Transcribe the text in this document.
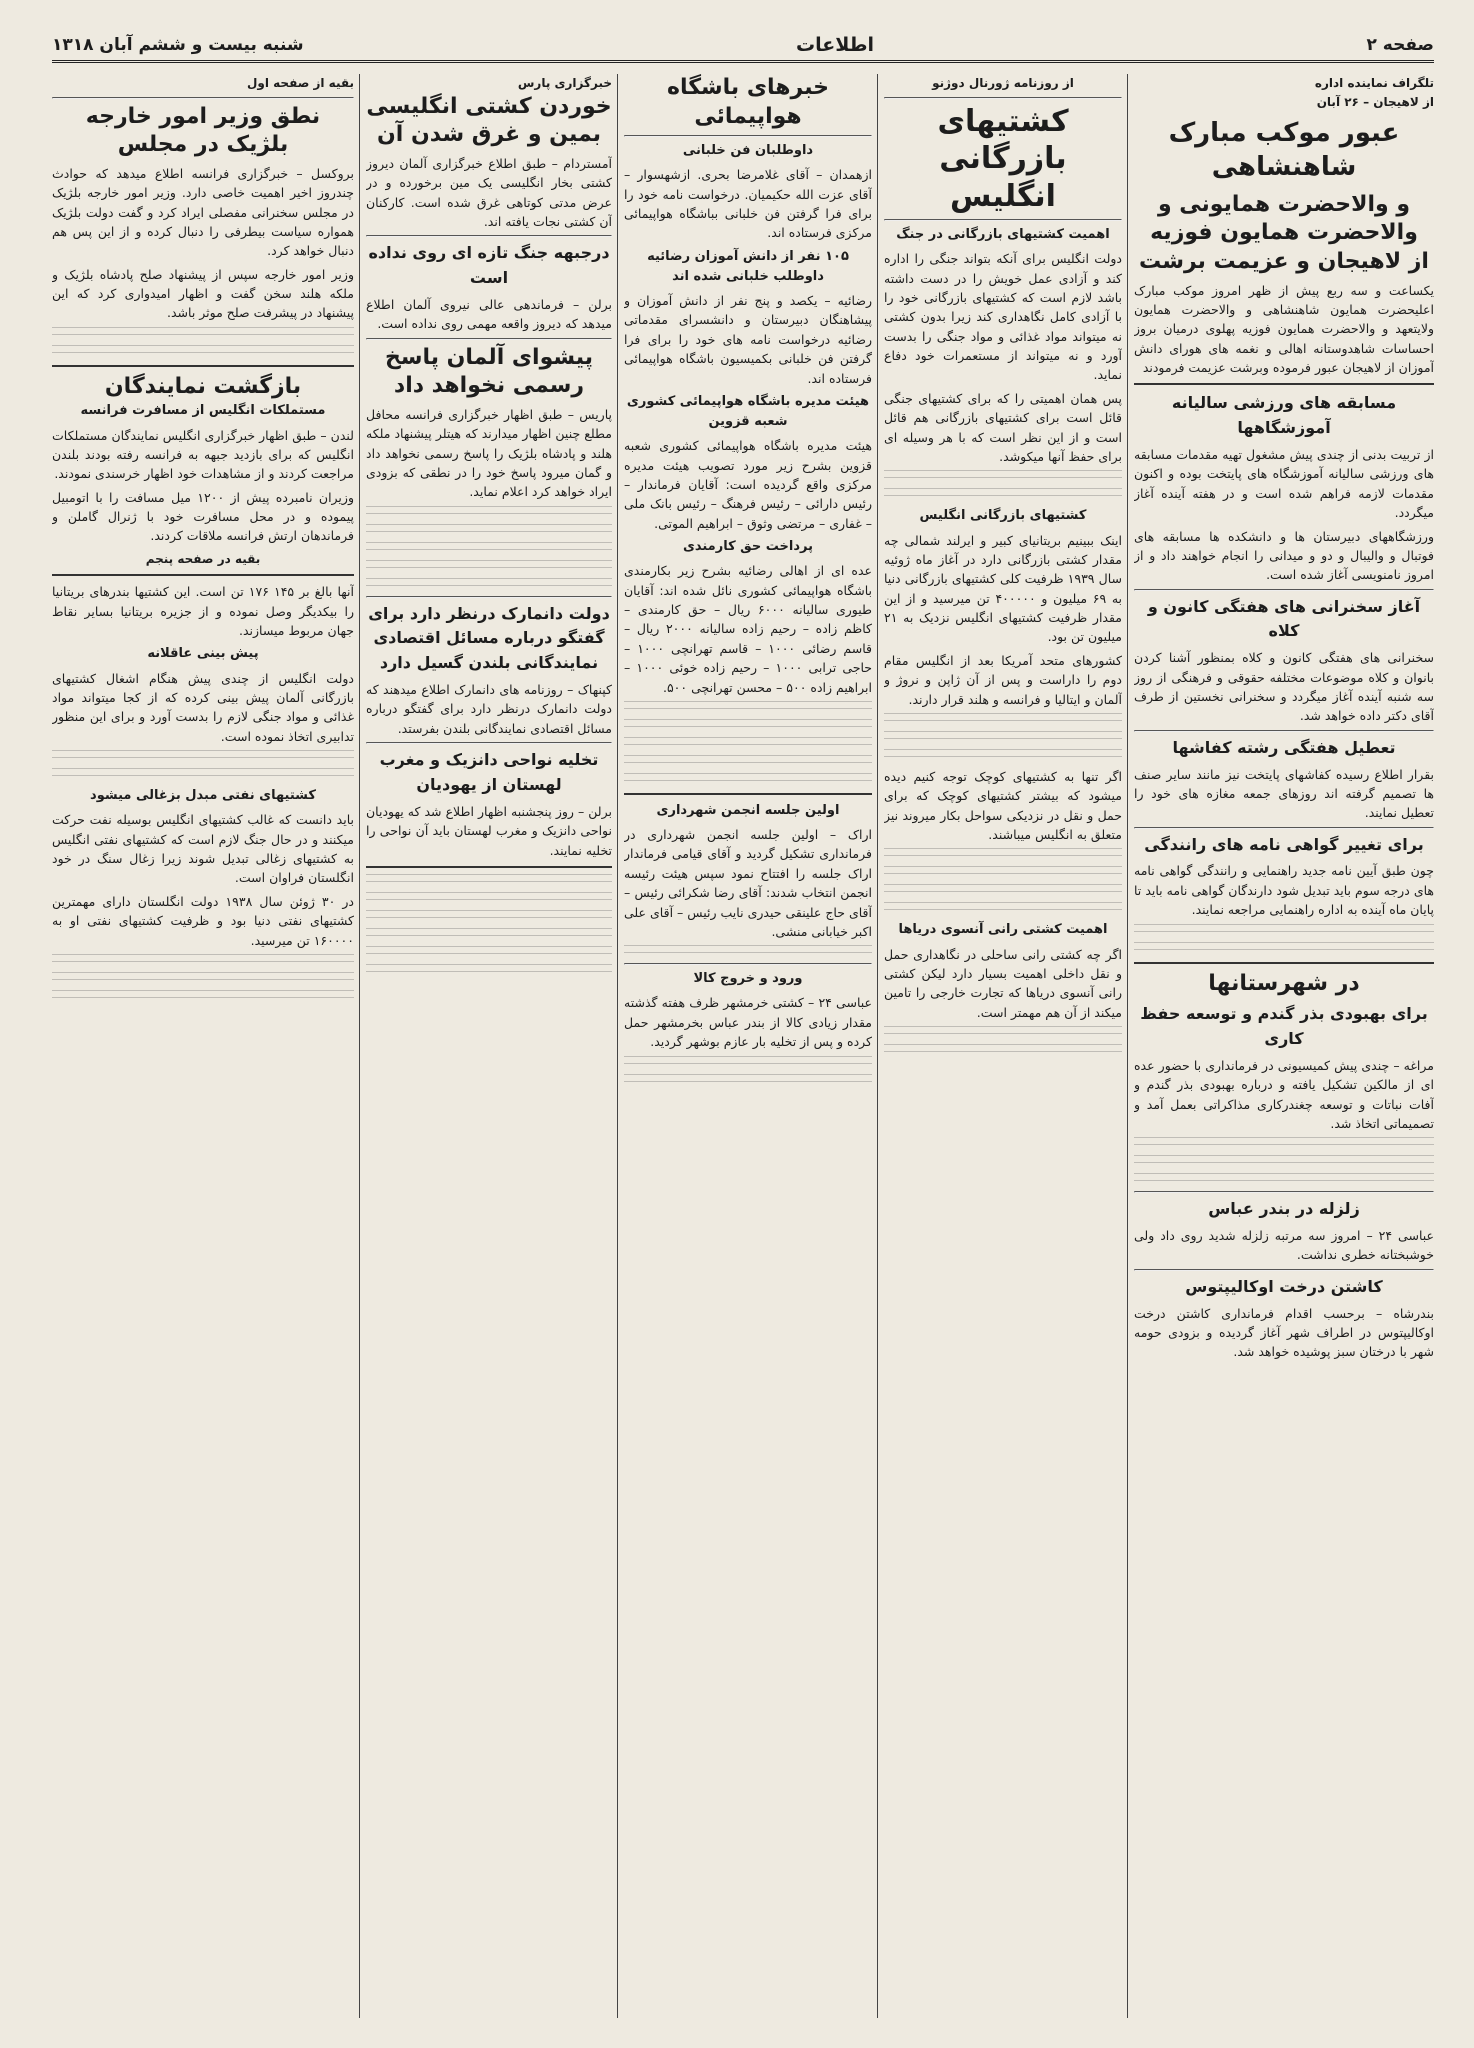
صفحه ۲
اطلاعات
شنبه بیست و ششم آبان ۱۳۱۸
تلگراف نماینده اداره
از لاهیجان – ۲۶ آبان
عبور موکب مبارک شاهنشاهی
و والاحضرت همایونی و والاحضرت همایون فوزیه
از لاهیجان و عزیمت برشت
یکساعت و سه ربع پیش از ظهر امروز موکب مبارک اعلیحضرت همایون شاهنشاهی و والاحضرت همایون ولایتعهد و والاحضرت همایون فوزیه پهلوی درمیان بروز احساسات شاهدوستانه اهالی و نغمه های هورای دانش آموزان از لاهیجان عبور فرموده وبرشت عزیمت فرمودند
مسابقه های ورزشی سالیانه آموزشگاهها
از تربیت بدنی از چندی پیش مشغول تهیه مقدمات مسابقه های ورزشی سالیانه آموزشگاه های پایتخت بوده و اکنون مقدمات لازمه فراهم شده است و در هفته آینده آغاز میگردد.
ورزشگاههای دبیرستان ها و دانشکده ها مسابقه های فوتبال و والیبال و دو و میدانی را انجام خواهند داد و از امروز نامنویسی آغاز شده است.
آغاز سخنرانی های هفتگی کانون و کلاه
سخنرانی های هفتگی کانون و کلاه بمنظور آشنا کردن بانوان و کلاه موضوعات مختلفه حقوقی و فرهنگی از روز سه شنبه آینده آغاز میگردد و سخنرانی نخستین از طرف آقای دکتر داده خواهد شد.
تعطیل هفتگی رشته کفاشها
بقرار اطلاع رسیده کفاشهای پایتخت نیز مانند سایر صنف ها تصمیم گرفته اند روزهای جمعه مغازه های خود را تعطیل نمایند.
برای تغییر گواهی نامه های رانندگی
چون طبق آیین نامه جدید راهنمایی و رانندگی گواهی نامه های درجه سوم باید تبدیل شود دارندگان گواهی نامه باید تا پایان ماه آینده به اداره راهنمایی مراجعه نمایند.
در شهرستانها
برای بهبودی بذر گندم و توسعه حفظ کاری
مراغه – چندی پیش کمیسیونی در فرمانداری با حضور عده ای از مالکین تشکیل یافته و درباره بهبودی بذر گندم و آفات نباتات و توسعه چغندرکاری مذاکراتی بعمل آمد و تصمیماتی اتخاذ شد.
زلزله در بندر عباس
عباسی ۲۴ – امروز سه مرتبه زلزله شدید روی داد ولی خوشبختانه خطری نداشت.
کاشتن درخت اوکالیپتوس
بندرشاه – برحسب اقدام فرمانداری کاشتن درخت اوکالیپتوس در اطراف شهر آغاز گردیده و بزودی حومه شهر با درختان سبز پوشیده خواهد شد.
از روزنامه ژورنال دوژنو
کشتیهای بازرگانی انگلیس
اهمیت کشتیهای بازرگانی در جنگ
دولت انگلیس برای آنکه بتواند جنگی را اداره کند و آزادی عمل خویش را در دست داشته باشد لازم است که کشتیهای بازرگانی خود را با آزادی کامل نگاهداری کند زیرا بدون کشتی نه میتواند مواد غذائی و مواد جنگی را بدست آورد و نه میتواند از مستعمرات خود دفاع نماید.
پس همان اهمیتی را که برای کشتیهای جنگی قائل است برای کشتیهای بازرگانی هم قائل است و از این نظر است که با هر وسیله ای برای حفظ آنها میکوشد.
کشتیهای بازرگانی انگلیس
اینک ببینیم بریتانیای کبیر و ایرلند شمالی چه مقدار کشتی بازرگانی دارد در آغاز ماه ژوئیه سال ۱۹۳۹ ظرفیت کلی کشتیهای بازرگانی دنیا به ۶۹ میلیون و ۴۰۰۰۰۰ تن میرسید و از این مقدار ظرفیت کشتیهای انگلیس نزدیک به ۲۱ میلیون تن بود.
کشورهای متحد آمریکا بعد از انگلیس مقام دوم را داراست و پس از آن ژاپن و نروژ و آلمان و ایتالیا و فرانسه و هلند قرار دارند.
اگر تنها به کشتیهای کوچک توجه کنیم دیده میشود که بیشتر کشتیهای کوچک که برای حمل و نقل در نزدیکی سواحل بکار میروند نیز متعلق به انگلیس میباشند.
اهمیت کشتی رانی آنسوی دریاها
اگر چه کشتی رانی ساحلی در نگاهداری حمل و نقل داخلی اهمیت بسیار دارد لیکن کشتی رانی آنسوی دریاها که تجارت خارجی را تامین میکند از آن هم مهمتر است.
خبرهای باشگاه هواپیمائی
داوطلبان فن خلبانی
ازهمدان – آقای غلامرضا بحری. ازشهسوار – آقای عزت الله حکیمیان. درخواست نامه خود را برای فرا گرفتن فن خلبانی بباشگاه هواپیمائی مرکزی فرستاده اند.
۱۰۵ نفر از دانش آموزان رضائیه داوطلب خلبانی شده اند
رضائیه – یکصد و پنج نفر از دانش آموزان و پیشاهنگان دبیرستان و دانشسرای مقدماتی رضائیه درخواست نامه های خود را برای فرا گرفتن فن خلبانی بکمیسیون باشگاه هواپیمائی فرستاده اند.
هیئت مدیره باشگاه هواپیمائی کشوری شعبه قزوین
هیئت مدیره باشگاه هواپیمائی کشوری شعبه قزوین بشرح زیر مورد تصویب هیئت مدیره مرکزی واقع گردیده است: آقایان فرماندار – رئیس دارائی – رئیس فرهنگ – رئیس بانک ملی – غفاری – مرتضی وثوق – ابراهیم الموتی.
پرداخت حق کارمندی
عده ای از اهالی رضائیه بشرح زیر بکارمندی باشگاه هواپیمائی کشوری نائل شده اند: آقایان طیوری سالیانه ۶۰۰۰ ریال – حق کارمندی – کاظم زاده – رحیم زاده سالیانه ۲۰۰۰ ریال – قاسم رضائی ۱۰۰۰ – قاسم تهرانچی ۱۰۰۰ – حاجی ترابی ۱۰۰۰ – رحیم زاده خوئی ۱۰۰۰ – ابراهیم زاده ۵۰۰ – محسن تهرانچی ۵۰۰.
اولین جلسه انجمن شهرداری
اراک – اولین جلسه انجمن شهرداری در فرمانداری تشکیل گردید و آقای قیامی فرماندار اراک جلسه را افتتاح نمود سپس هیئت رئیسه انجمن انتخاب شدند: آقای رضا شکرائی رئیس – آقای حاج علینقی حیدری نایب رئیس – آقای علی اکبر خیابانی منشی.
ورود و خروج کالا
عباسی ۲۴ – کشتی خرمشهر ظرف هفته گذشته مقدار زیادی کالا از بندر عباس بخرمشهر حمل کرده و پس از تخلیه بار عازم بوشهر گردید.
خبرگزاری پارس
خوردن کشتی انگلیسی بمین و غرق شدن آن
آمستردام – طبق اطلاع خبرگزاری آلمان دیروز کشتی بخار انگلیسی یک مین برخورده و در عرض مدتی کوتاهی غرق شده است. کارکنان آن کشتی نجات یافته اند.
درجبهه جنگ تازه ای روی نداده است
برلن – فرماندهی عالی نیروی آلمان اطلاع میدهد که دیروز واقعه مهمی روی نداده است.
پیشوای آلمان پاسخ رسمی نخواهد داد
پاریس – طبق اظهار خبرگزاری فرانسه محافل مطلع چنین اظهار میدارند که هیتلر پیشنهاد ملکه هلند و پادشاه بلژیک را پاسخ رسمی نخواهد داد و گمان میرود پاسخ خود را در نطقی که بزودی ایراد خواهد کرد اعلام نماید.
دولت دانمارک درنظر دارد برای گفتگو درباره مسائل اقتصادی نمایندگانی بلندن گسیل دارد
کپنهاک – روزنامه های دانمارک اطلاع میدهند که دولت دانمارک درنظر دارد برای گفتگو درباره مسائل اقتصادی نمایندگانی بلندن بفرستد.
تخلیه نواحی دانزیک و مغرب لهستان از یهودیان
برلن – روز پنجشنبه اظهار اطلاع شد که یهودیان نواحی دانزیک و مغرب لهستان باید آن نواحی را تخلیه نمایند.
بقیه از صفحه اول
نطق وزیر امور خارجه بلژیک در مجلس
بروکسل – خبرگزاری فرانسه اطلاع میدهد که حوادث چندروز اخیر اهمیت خاصی دارد. وزیر امور خارجه بلژیک در مجلس سخنرانی مفصلی ایراد کرد و گفت دولت بلژیک همواره سیاست بیطرفی را دنبال کرده و از این پس هم دنبال خواهد کرد.
وزیر امور خارجه سپس از پیشنهاد صلح پادشاه بلژیک و ملکه هلند سخن گفت و اظهار امیدواری کرد که این پیشنهاد در پیشرفت صلح موثر باشد.
بازگشت نمایندگان
مستملکات انگلیس از مسافرت فرانسه
لندن – طبق اظهار خبرگزاری انگلیس نمایندگان مستملکات انگلیس که برای بازدید جبهه به فرانسه رفته بودند بلندن مراجعت کردند و از مشاهدات خود اظهار خرسندی نمودند.
وزیران نامبرده پیش از ۱۲۰۰ میل مسافت را با اتومبیل پیموده و در محل مسافرت خود با ژنرال گاملن و فرماندهان ارتش فرانسه ملاقات کردند.
بقیه در صفحه پنجم
آنها بالغ بر ۱۴۵ ۱۷۶ تن است. این کشتیها بندرهای بریتانیا را بیکدیگر وصل نموده و از جزیره بریتانیا بسایر نقاط جهان مربوط میسازند.
پیش بینی عاقلانه
دولت انگلیس از چندی پیش هنگام اشغال کشتیهای بازرگانی آلمان پیش بینی کرده که از کجا میتواند مواد غذائی و مواد جنگی لازم را بدست آورد و برای این منظور تدابیری اتخاذ نموده است.
کشتیهای نفتی مبدل بزغالی میشود
باید دانست که غالب کشتیهای انگلیس بوسیله نفت حرکت میکنند و در حال جنگ لازم است که کشتیهای نفتی انگلیس به کشتیهای زغالی تبدیل شوند زیرا زغال سنگ در خود انگلستان فراوان است.
در ۳۰ ژوئن سال ۱۹۳۸ دولت انگلستان دارای مهمترین کشتیهای نفتی دنیا بود و ظرفیت کشتیهای نفتی او به ۱۶۰۰۰۰ تن میرسید.
